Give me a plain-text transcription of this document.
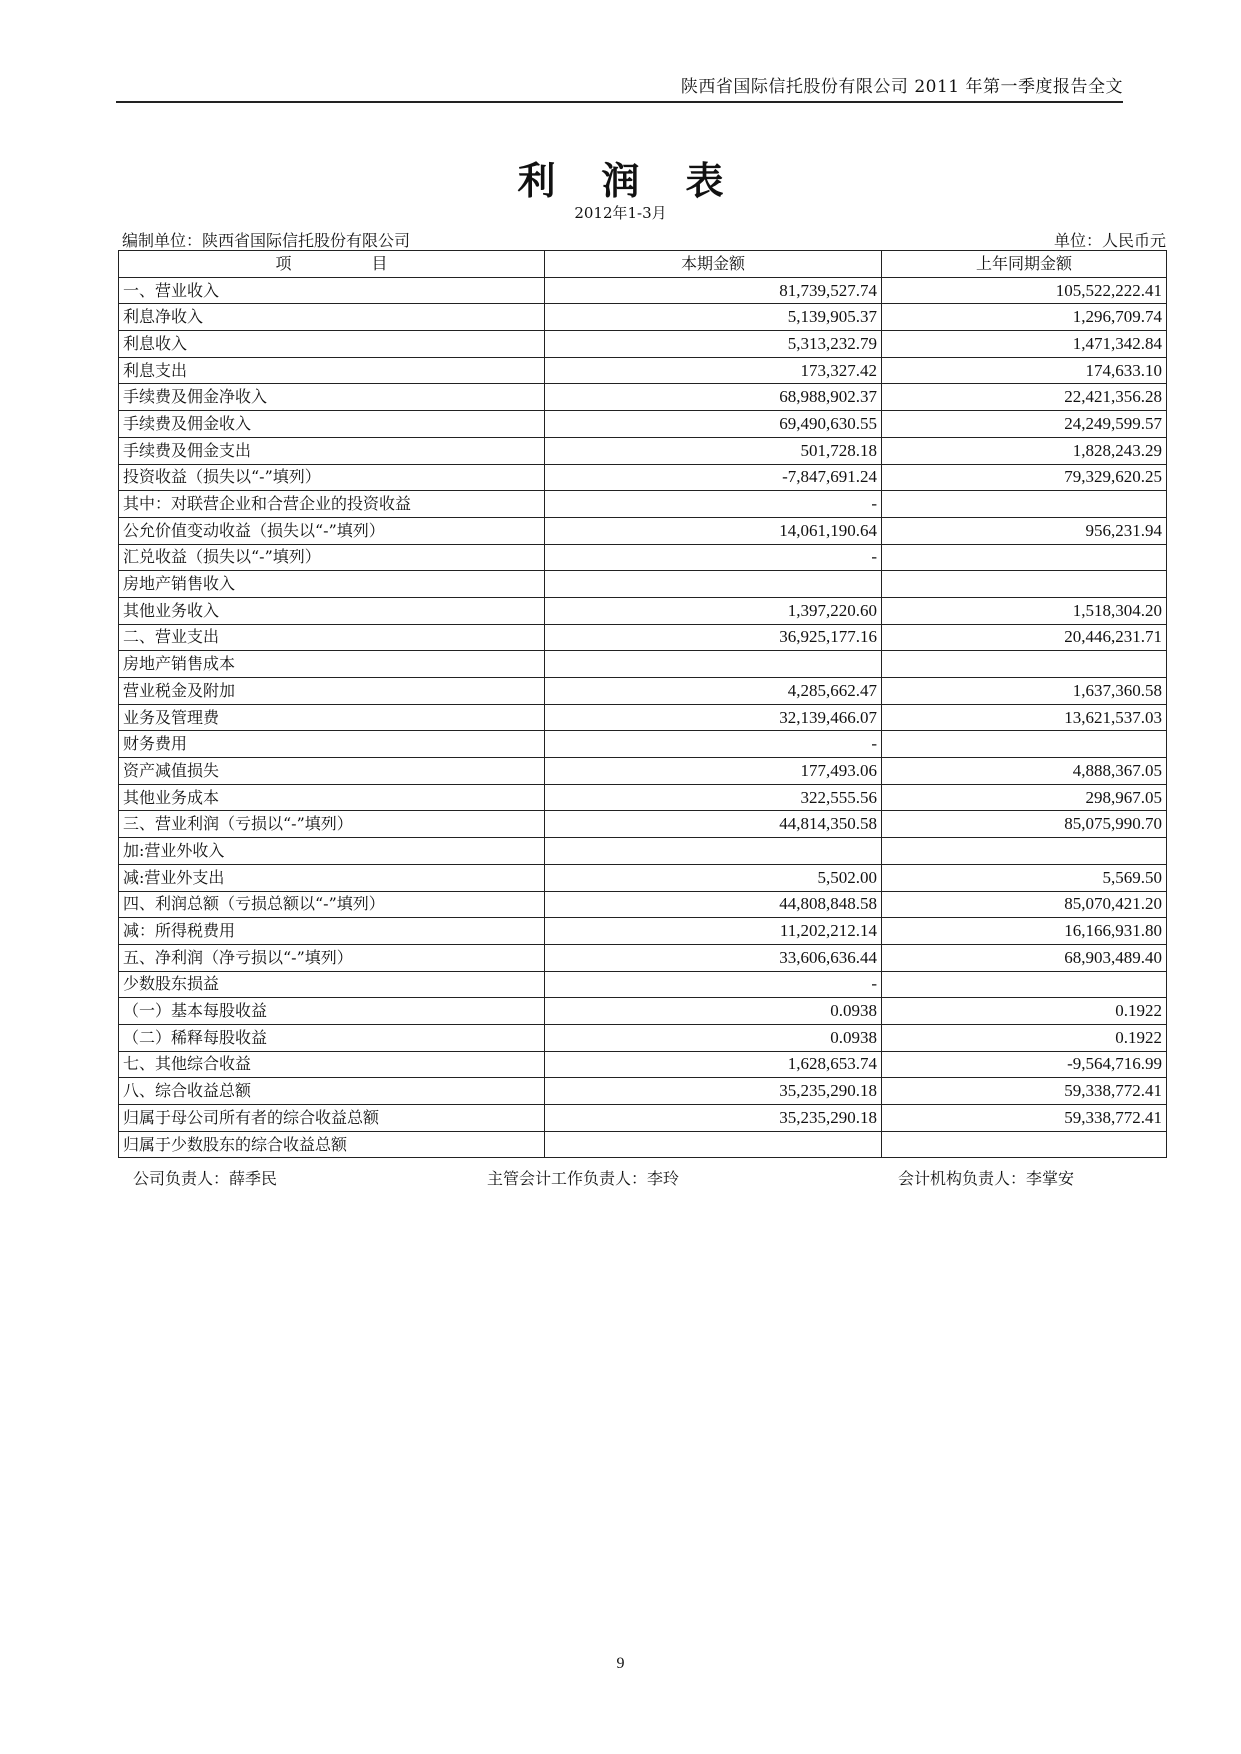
陕西省国际信托股份有限公司 2011 年第一季度报告全文
利润表
2012年1-3月
编制单位：陕西省国际信托股份有限公司	单位：人民币元
项　　　　　目	本期金额	上年同期金额
一、营业收入	81,739,527.74	105,522,222.41
利息净收入	5,139,905.37	1,296,709.74
利息收入	5,313,232.79	1,471,342.84
利息支出	173,327.42	174,633.10
手续费及佣金净收入	68,988,902.37	22,421,356.28
手续费及佣金收入	69,490,630.55	24,249,599.57
手续费及佣金支出	501,728.18	1,828,243.29
投资收益（损失以“-”填列）	-7,847,691.24	79,329,620.25
其中：对联营企业和合营企业的投资收益	-	
公允价值变动收益（损失以“-”填列）	14,061,190.64	956,231.94
汇兑收益（损失以“-”填列）	-	
房地产销售收入		
其他业务收入	1,397,220.60	1,518,304.20
二、营业支出	36,925,177.16	20,446,231.71
房地产销售成本		
营业税金及附加	4,285,662.47	1,637,360.58
业务及管理费	32,139,466.07	13,621,537.03
财务费用	-	
资产减值损失	177,493.06	4,888,367.05
其他业务成本	322,555.56	298,967.05
三、营业利润（亏损以“-”填列）	44,814,350.58	85,075,990.70
加:营业外收入		
减:营业外支出	5,502.00	5,569.50
四、利润总额（亏损总额以“-”填列）	44,808,848.58	85,070,421.20
减：所得税费用	11,202,212.14	16,166,931.80
五、净利润（净亏损以“-”填列）	33,606,636.44	68,903,489.40
少数股东损益	-	
（一）基本每股收益	0.0938	0.1922
（二）稀释每股收益	0.0938	0.1922
七、其他综合收益	1,628,653.74	-9,564,716.99
八、综合收益总额	35,235,290.18	59,338,772.41
归属于母公司所有者的综合收益总额	35,235,290.18	59,338,772.41
归属于少数股东的综合收益总额		
公司负责人：薛季民	主管会计工作负责人：李玲	会计机构负责人：李掌安
9
